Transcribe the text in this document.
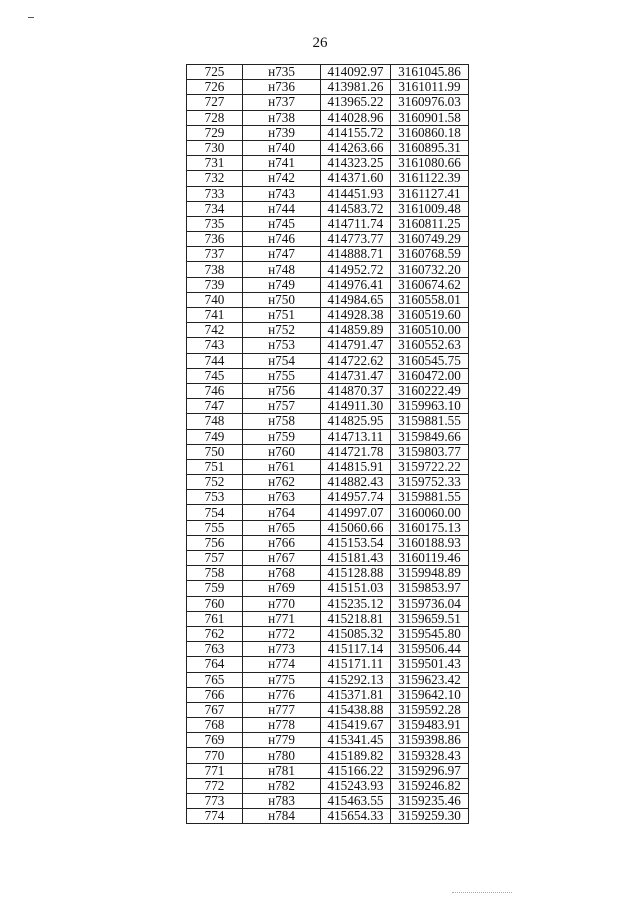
26
725	н735	414092.97	3161045.86
726	н736	413981.26	3161011.99
727	н737	413965.22	3160976.03
728	н738	414028.96	3160901.58
729	н739	414155.72	3160860.18
730	н740	414263.66	3160895.31
731	н741	414323.25	3161080.66
732	н742	414371.60	3161122.39
733	н743	414451.93	3161127.41
734	н744	414583.72	3161009.48
735	н745	414711.74	3160811.25
736	н746	414773.77	3160749.29
737	н747	414888.71	3160768.59
738	н748	414952.72	3160732.20
739	н749	414976.41	3160674.62
740	н750	414984.65	3160558.01
741	н751	414928.38	3160519.60
742	н752	414859.89	3160510.00
743	н753	414791.47	3160552.63
744	н754	414722.62	3160545.75
745	н755	414731.47	3160472.00
746	н756	414870.37	3160222.49
747	н757	414911.30	3159963.10
748	н758	414825.95	3159881.55
749	н759	414713.11	3159849.66
750	н760	414721.78	3159803.77
751	н761	414815.91	3159722.22
752	н762	414882.43	3159752.33
753	н763	414957.74	3159881.55
754	н764	414997.07	3160060.00
755	н765	415060.66	3160175.13
756	н766	415153.54	3160188.93
757	н767	415181.43	3160119.46
758	н768	415128.88	3159948.89
759	н769	415151.03	3159853.97
760	н770	415235.12	3159736.04
761	н771	415218.81	3159659.51
762	н772	415085.32	3159545.80
763	н773	415117.14	3159506.44
764	н774	415171.11	3159501.43
765	н775	415292.13	3159623.42
766	н776	415371.81	3159642.10
767	н777	415438.88	3159592.28
768	н778	415419.67	3159483.91
769	н779	415341.45	3159398.86
770	н780	415189.82	3159328.43
771	н781	415166.22	3159296.97
772	н782	415243.93	3159246.82
773	н783	415463.55	3159235.46
774	н784	415654.33	3159259.30
